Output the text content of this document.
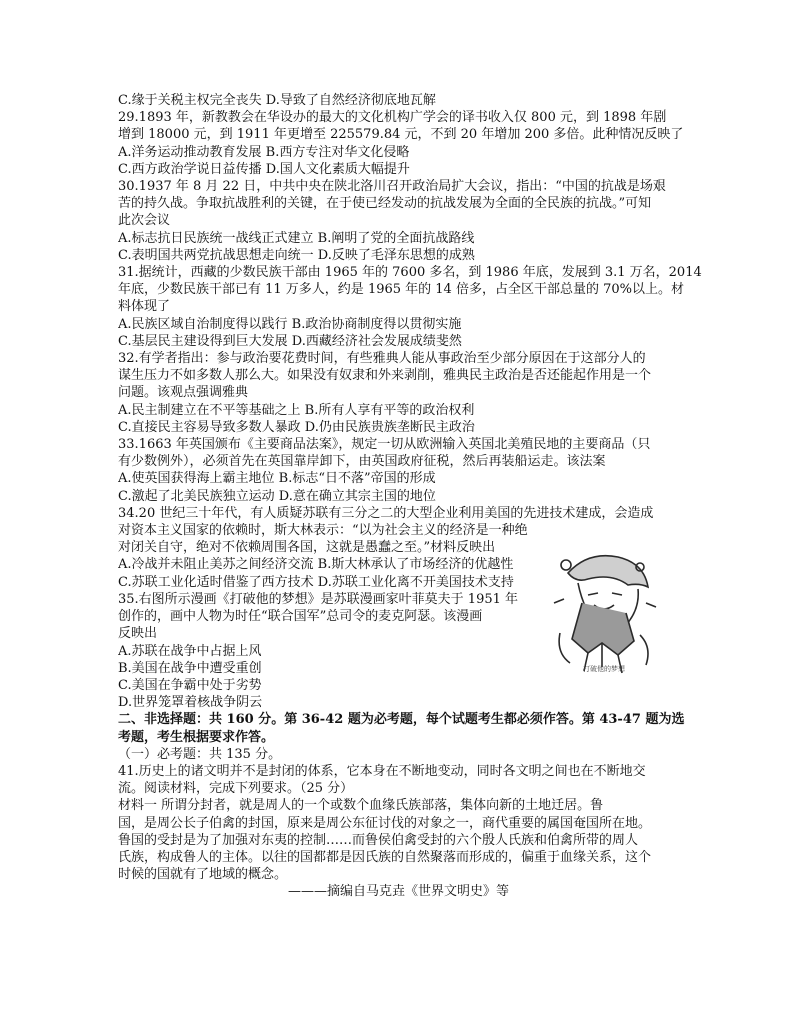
C.缘于关税主权完全丧失 D.导致了自然经济彻底地瓦解
29.1893 年，新教教会在华设办的最大的文化机构广学会的译书收入仅 800 元，到 1898 年剧
增到 18000 元，到 1911 年更增至 225579.84 元，不到 20 年增加 200 多倍。此种情况反映了
A.洋务运动推动教育发展 B.西方专注对华文化侵略
C.西方政治学说日益传播 D.国人文化素质大幅提升
30.1937 年 8 月 22 日，中共中央在陕北洛川召开政治局扩大会议，指出：“中国的抗战是场艰
苦的持久战。争取抗战胜利的关键，在于使已经发动的抗战发展为全面的全民族的抗战。”可知
此次会议
A.标志抗日民族统一战线正式建立 B.阐明了党的全面抗战路线
C.表明国共两党抗战思想走向统一 D.反映了毛泽东思想的成熟
31.据统计，西藏的少数民族干部由 1965 年的 7600 多名，到 1986 年底，发展到 3.1 万名，2014
年底，少数民族干部已有 11 万多人，约是 1965 年的 14 倍多，占全区干部总量的 70%以上。材
料体现了
A.民族区域自治制度得以践行 B.政治协商制度得以贯彻实施
C.基层民主建设得到巨大发展 D.西藏经济社会发展成绩斐然
32.有学者指出：参与政治要花费时间，有些雅典人能从事政治至少部分原因在于这部分人的
谋生压力不如多数人那么大。如果没有奴隶和外来剥削，雅典民主政治是否还能起作用是一个
问题。该观点强调雅典
A.民主制建立在不平等基础之上 B.所有人享有平等的政治权利
C.直接民主容易导致多数人暴政 D.仍由民族贵族垄断民主政治
33.1663 年英国颁布《主要商品法案》，规定一切从欧洲输入英国北美殖民地的主要商品（只
有少数例外），必须首先在英国靠岸卸下，由英国政府征税，然后再装船运走。该法案
A.使英国获得海上霸主地位 B.标志“日不落”帝国的形成
C.激起了北美民族独立运动 D.意在确立其宗主国的地位
34.20 世纪三十年代，有人质疑苏联有三分之二的大型企业利用美国的先进技术建成，会造成
对资本主义国家的依赖时，斯大林表示：“以为社会主义的经济是一种绝
对闭关自守，绝对不依赖周围各国，这就是愚蠢之至。”材料反映出
A.冷战并未阻止美苏之间经济交流 B.斯大林承认了市场经济的优越性
C.苏联工业化适时借鉴了西方技术 D.苏联工业化离不开美国技术支持
35.右图所示漫画《打破他的梦想》是苏联漫画家叶菲莫夫于 1951 年
创作的，画中人物为时任“联合国军”总司令的麦克阿瑟。该漫画
反映出
A.苏联在战争中占据上风
B.美国在战争中遭受重创
C.美国在争霸中处于劣势
D.世界笼罩着核战争阴云
二、非选择题：共 160 分。第 36-42 题为必考题，每个试题考生都必须作答。第 43-47 题为选
考题，考生根据要求作答。
（一）必考题：共 135 分。
41.历史上的诸文明并不是封闭的体系，它本身在不断地变动，同时各文明之间也在不断地交
流。阅读材料，完成下列要求。（25 分）
材料一 所谓分封者，就是周人的一个或数个血缘氏族部落，集体向新的土地迁居。鲁
国，是周公长子伯禽的封国，原来是周公东征讨伐的对象之一，商代重要的属国奄国所在地。
鲁国的受封是为了加强对东夷的控制……而鲁侯伯禽受封的六个殷人氏族和伯禽所带的周人
氏族，构成鲁人的主体。以往的国都都是因氏族的自然聚落而形成的，偏重于血缘关系，这个
时候的国就有了地域的概念。
———摘编自马克垚《世界文明史》等
打破他的梦想
